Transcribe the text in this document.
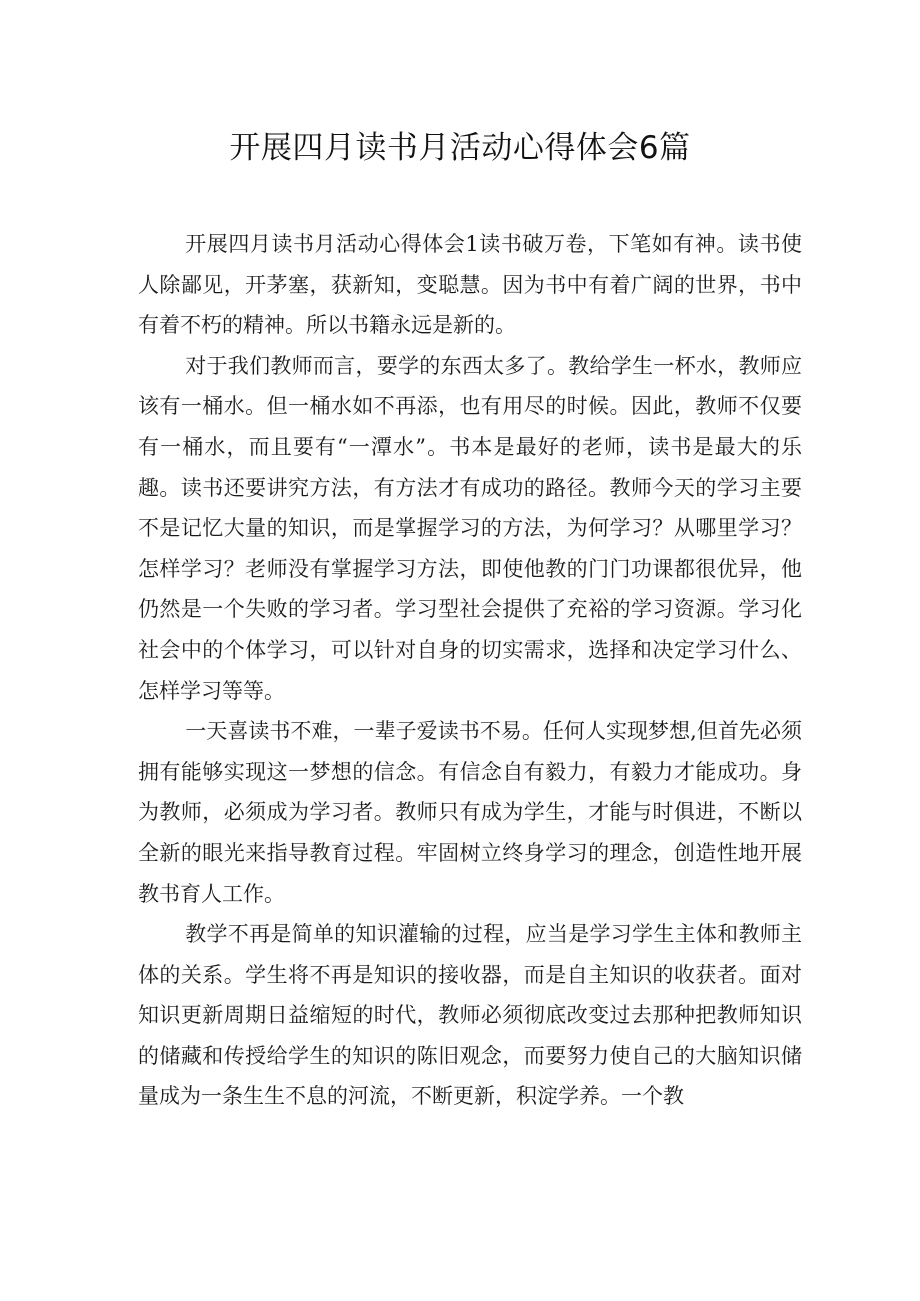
开展四月读书月活动心得体会6篇

开展四月读书月活动心得体会1读书破万卷，下笔如有神。读书使人除鄙见，开茅塞，获新知，变聪慧。因为书中有着广阔的世界，书中有着不朽的精神。所以书籍永远是新的。

对于我们教师而言，要学的东西太多了。教给学生一杯水，教师应该有一桶水。但一桶水如不再添，也有用尽的时候。因此，教师不仅要有一桶水，而且要有“一潭水”。书本是最好的老师，读书是最大的乐趣。读书还要讲究方法，有方法才有成功的路径。教师今天的学习主要不是记忆大量的知识，而是掌握学习的方法，为何学习？从哪里学习？怎样学习？老师没有掌握学习方法，即使他教的门门功课都很优异，他仍然是一个失败的学习者。学习型社会提供了充裕的学习资源。学习化社会中的个体学习，可以针对自身的切实需求，选择和决定学习什么、怎样学习等等。

一天喜读书不难，一辈子爱读书不易。任何人实现梦想,但首先必须拥有能够实现这一梦想的信念。有信念自有毅力，有毅力才能成功。身为教师，必须成为学习者。教师只有成为学生，才能与时俱进，不断以全新的眼光来指导教育过程。牢固树立终身学习的理念，创造性地开展教书育人工作。

教学不再是简单的知识灌输的过程，应当是学习学生主体和教师主体的关系。学生将不再是知识的接收器，而是自主知识的收获者。面对知识更新周期日益缩短的时代，教师必须彻底改变过去那种把教师知识的储藏和传授给学生的知识的陈旧观念，而要努力使自己的大脑知识储量成为一条生生不息的河流，不断更新，积淀学养。一个教
